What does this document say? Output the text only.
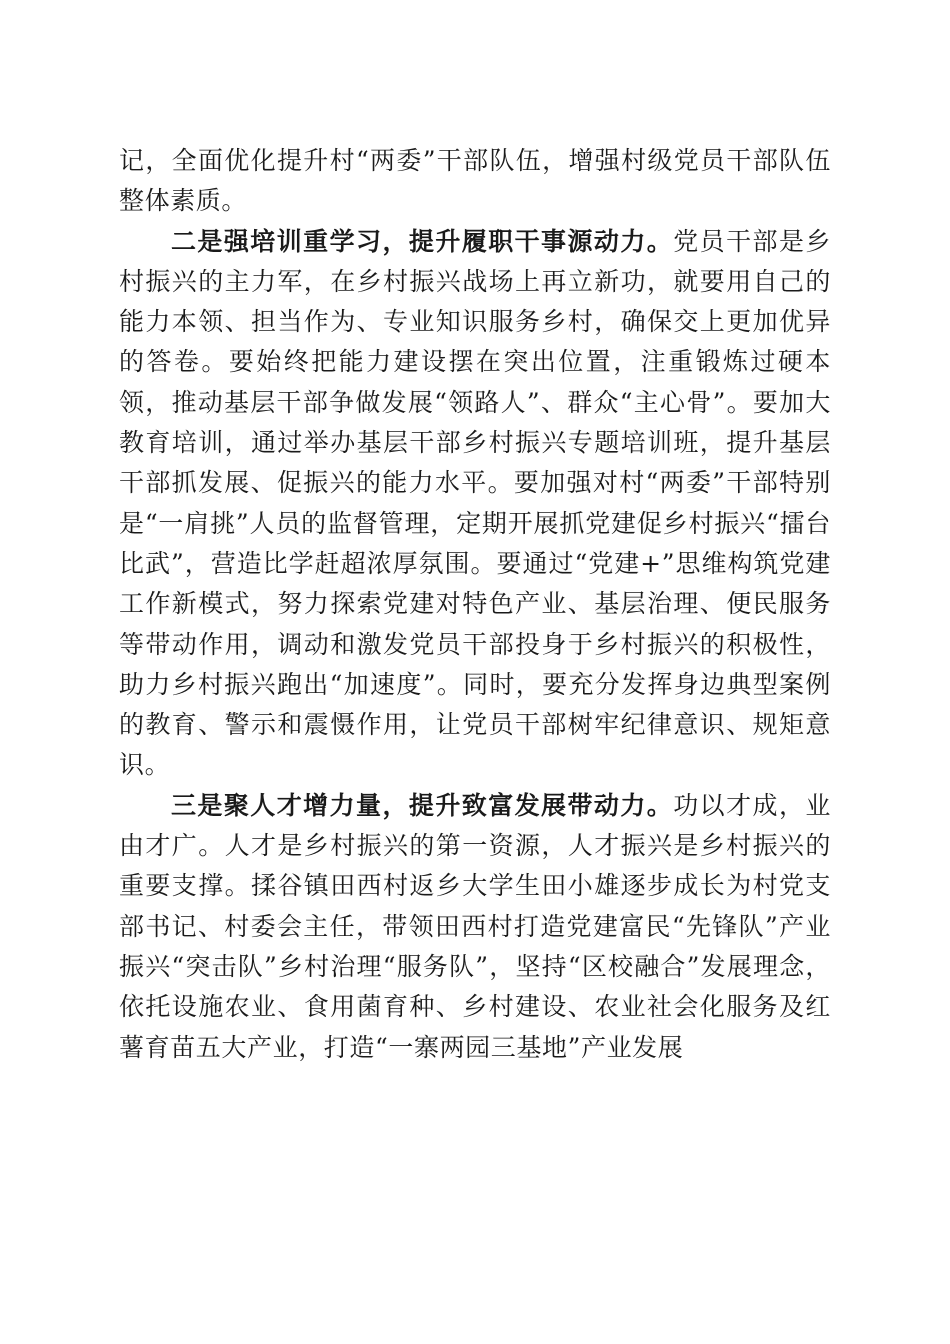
记，全面优化提升村“两委”干部队伍，增强村级党员干部队伍整体素质。

二是强培训重学习，提升履职干事源动力。党员干部是乡村振兴的主力军，在乡村振兴战场上再立新功，就要用自己的能力本领、担当作为、专业知识服务乡村，确保交上更加优异的答卷。要始终把能力建设摆在突出位置，注重锻炼过硬本领，推动基层干部争做发展“领路人”、群众“主心骨”。要加大教育培训，通过举办基层干部乡村振兴专题培训班，提升基层干部抓发展、促振兴的能力水平。要加强对村“两委”干部特别是“一肩挑”人员的监督管理，定期开展抓党建促乡村振兴“擂台比武”，营造比学赶超浓厚氛围。要通过“党建+”思维构筑党建工作新模式，努力探索党建对特色产业、基层治理、便民服务等带动作用，调动和激发党员干部投身于乡村振兴的积极性，助力乡村振兴跑出“加速度”。同时，要充分发挥身边典型案例的教育、警示和震慑作用，让党员干部树牢纪律意识、规矩意识。

三是聚人才增力量，提升致富发展带动力。功以才成，业由才广。人才是乡村振兴的第一资源，人才振兴是乡村振兴的重要支撑。揉谷镇田西村返乡大学生田小雄逐步成长为村党支部书记、村委会主任，带领田西村打造党建富民“先锋队”产业振兴“突击队”乡村治理“服务队”，坚持“区校融合”发展理念，依托设施农业、食用菌育种、乡村建设、农业社会化服务及红薯育苗五大产业，打造“一寨两园三基地”产业发展
